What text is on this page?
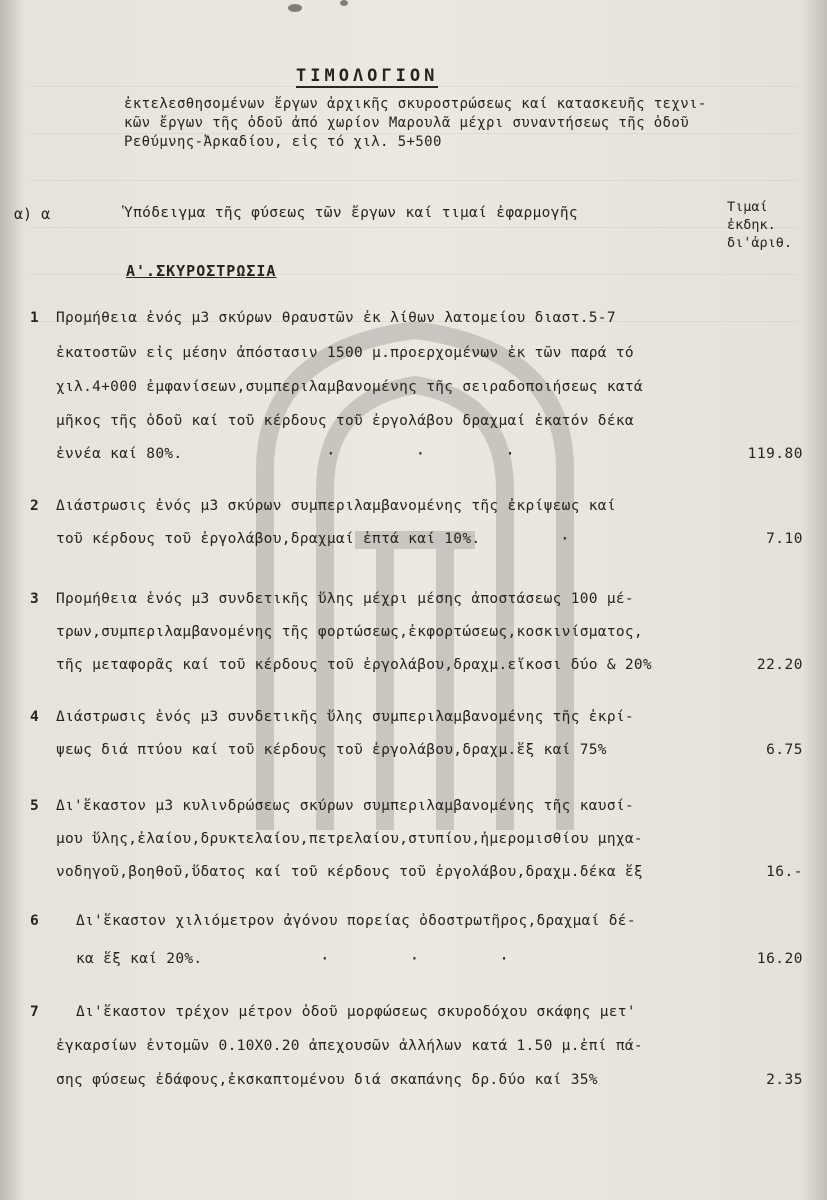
ΤΙΜΟΛΟΓΙΟΝ
ἐκτελεσθησομένων ἔργων ἀρχικῆς σκυροστρώσεως καί κατασκευῆς τεχνι-
κῶν ἔργων τῆς ὁδοῦ ἀπό χωρίον Μαρουλᾶ μέχρι συναντήσεως τῆς ὁδοῦ
Ρεθύμνης-Ἀρκαδίου, εἰς τό χιλ. 5+500
α) α	Ὑπόδειγμα τῆς φύσεως τῶν ἔργων καί τιμαί ἐφαρμογῆς	Τιμαί
ἐκδηκ.
δι'ἀριθ.
Α'.ΣΚΥΡΟΣΤΡΩΣΙΑ
1 Προμήθεια ἑνός μ3 σκύρων θραυστῶν ἐκ λίθων λατομείου διαστ.5-7
ἑκατοστῶν εἰς μέσην ἀπόστασιν 1500 μ.προερχομένων ἐκ τῶν παρά τό
χιλ.4+000 ἐμφανίσεων,συμπεριλαμβανομένης τῆς σειραδοποιήσεως κατά
μῆκος τῆς ὁδοῦ καί τοῦ κέρδους τοῦ ἐργολάβου δραχμαί ἑκατόν δέκα
ἐννέα καί 80%.	···	119.80
2 Διάστρωσις ἑνός μ3 σκύρων συμπεριλαμβανομένης τῆς ἐκρίψεως καί
τοῦ κέρδους τοῦ ἐργολάβου,δραχμαί ἑπτά καί 10%.	·	7.10
3 Προμήθεια ἑνός μ3 συνδετικῆς ὕλης μέχρι μέσης ἀποστάσεως 100 μέ-
τρων,συμπεριλαμβανομένης τῆς φορτώσεως,ἐκφορτώσεως,κοσκινίσματος,
τῆς μεταφορᾶς καί τοῦ κέρδους τοῦ ἐργολάβου,δραχμ.εἴκοσι δύο & 20%	22.20
4 Διάστρωσις ἑνός μ3 συνδετικῆς ὕλης συμπεριλαμβανομένης τῆς ἐκρί-
ψεως διά πτύου καί τοῦ κέρδους τοῦ ἐργολάβου,δραχμ.ἕξ καί 75%	6.75
5 Δι'ἕκαστον μ3 κυλινδρώσεως σκύρων συμπεριλαμβανομένης τῆς καυσί-
μου ὕλης,ἐλαίου,δρυκτελαίου,πετρελαίου,στυπίου,ἡμερομισθίου μηχα-
νοδηγοῦ,βοηθοῦ,ὕδατος καί τοῦ κέρδους τοῦ ἐργολάβου,δραχμ.δέκα ἕξ	16.-
6	Δι'ἕκαστον χιλιόμετρον ἀγόνου πορείας ὁδοστρωτῆρος,δραχμαί δέ-
κα ἕξ καί 20%.	···	16.20
7	Δι'ἕκαστον τρέχον μέτρον ὁδοῦ μορφώσεως σκυροδόχου σκάφης μετ'
ἐγκαρσίων ἐντομῶν 0.10Χ0.20 ἀπεχουσῶν ἀλλήλων κατά 1.50 μ.ἐπί πά-
σης φύσεως ἐδάφους,ἐκσκαπτομένου διά σκαπάνης δρ.δύο καί 35%	2.35
